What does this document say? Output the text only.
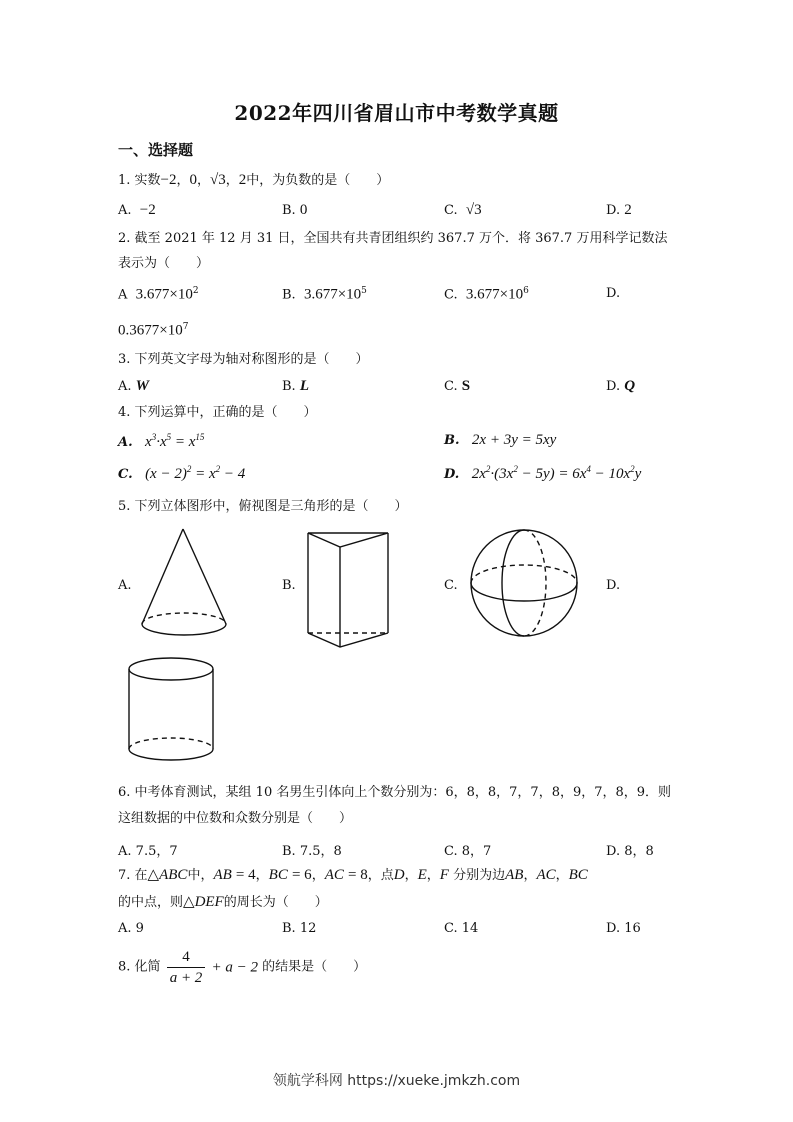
2022年四川省眉山市中考数学真题
一、选择题
1. 实数−2，0，√3，2中，为负数的是（　　）
A. −2	B. 0	C. √3	D. 2
2. 截至 2021 年 12 月 31 日，全国共有共青团组织约 367.7 万个．将 367.7 万用科学记数法
表示为（　　）
A $3.677\times 10^2$	B. $3.677\times 10^5$	C. $3.677\times 10^6$	D.
$0.3677\times 10^7$
3. 下列英文字母为轴对称图形的是（　　）
A. W	B. L	C. S	D. Q
4. 下列运算中，正确的是（　　）
A. $x^3\cdot x^5 = x^{15}$	B. 2x + 3y = 5xy
C. $(x - 2)^2 = x^2 - 4$	D. $2x^2\cdot(3x^2 - 5y) = 6x^4 - 10x^2y$
5. 下列立体图形中，俯视图是三角形的是（　　）
A.	B.	C.	D.
6. 中考体育测试，某组 10 名男生引体向上个数分别为：6，8，8，7，7，8，9，7，8，9．则
这组数据的中位数和众数分别是（　　）
A. 7.5，7	B. 7.5，8	C. 8，7	D. 8，8
7. 在△ABC中，AB = 4，BC = 6，AC = 8，点D，E，F 分别为边AB，AC，BC
的中点，则△DEF的周长为（　　）
A. 9	B. 12	C. 14	D. 16
8. 化简 $\frac{4}{a + 2} + a - 2$ 的结果是（　　）
领航学科网 https://xueke.jmkzh.com
